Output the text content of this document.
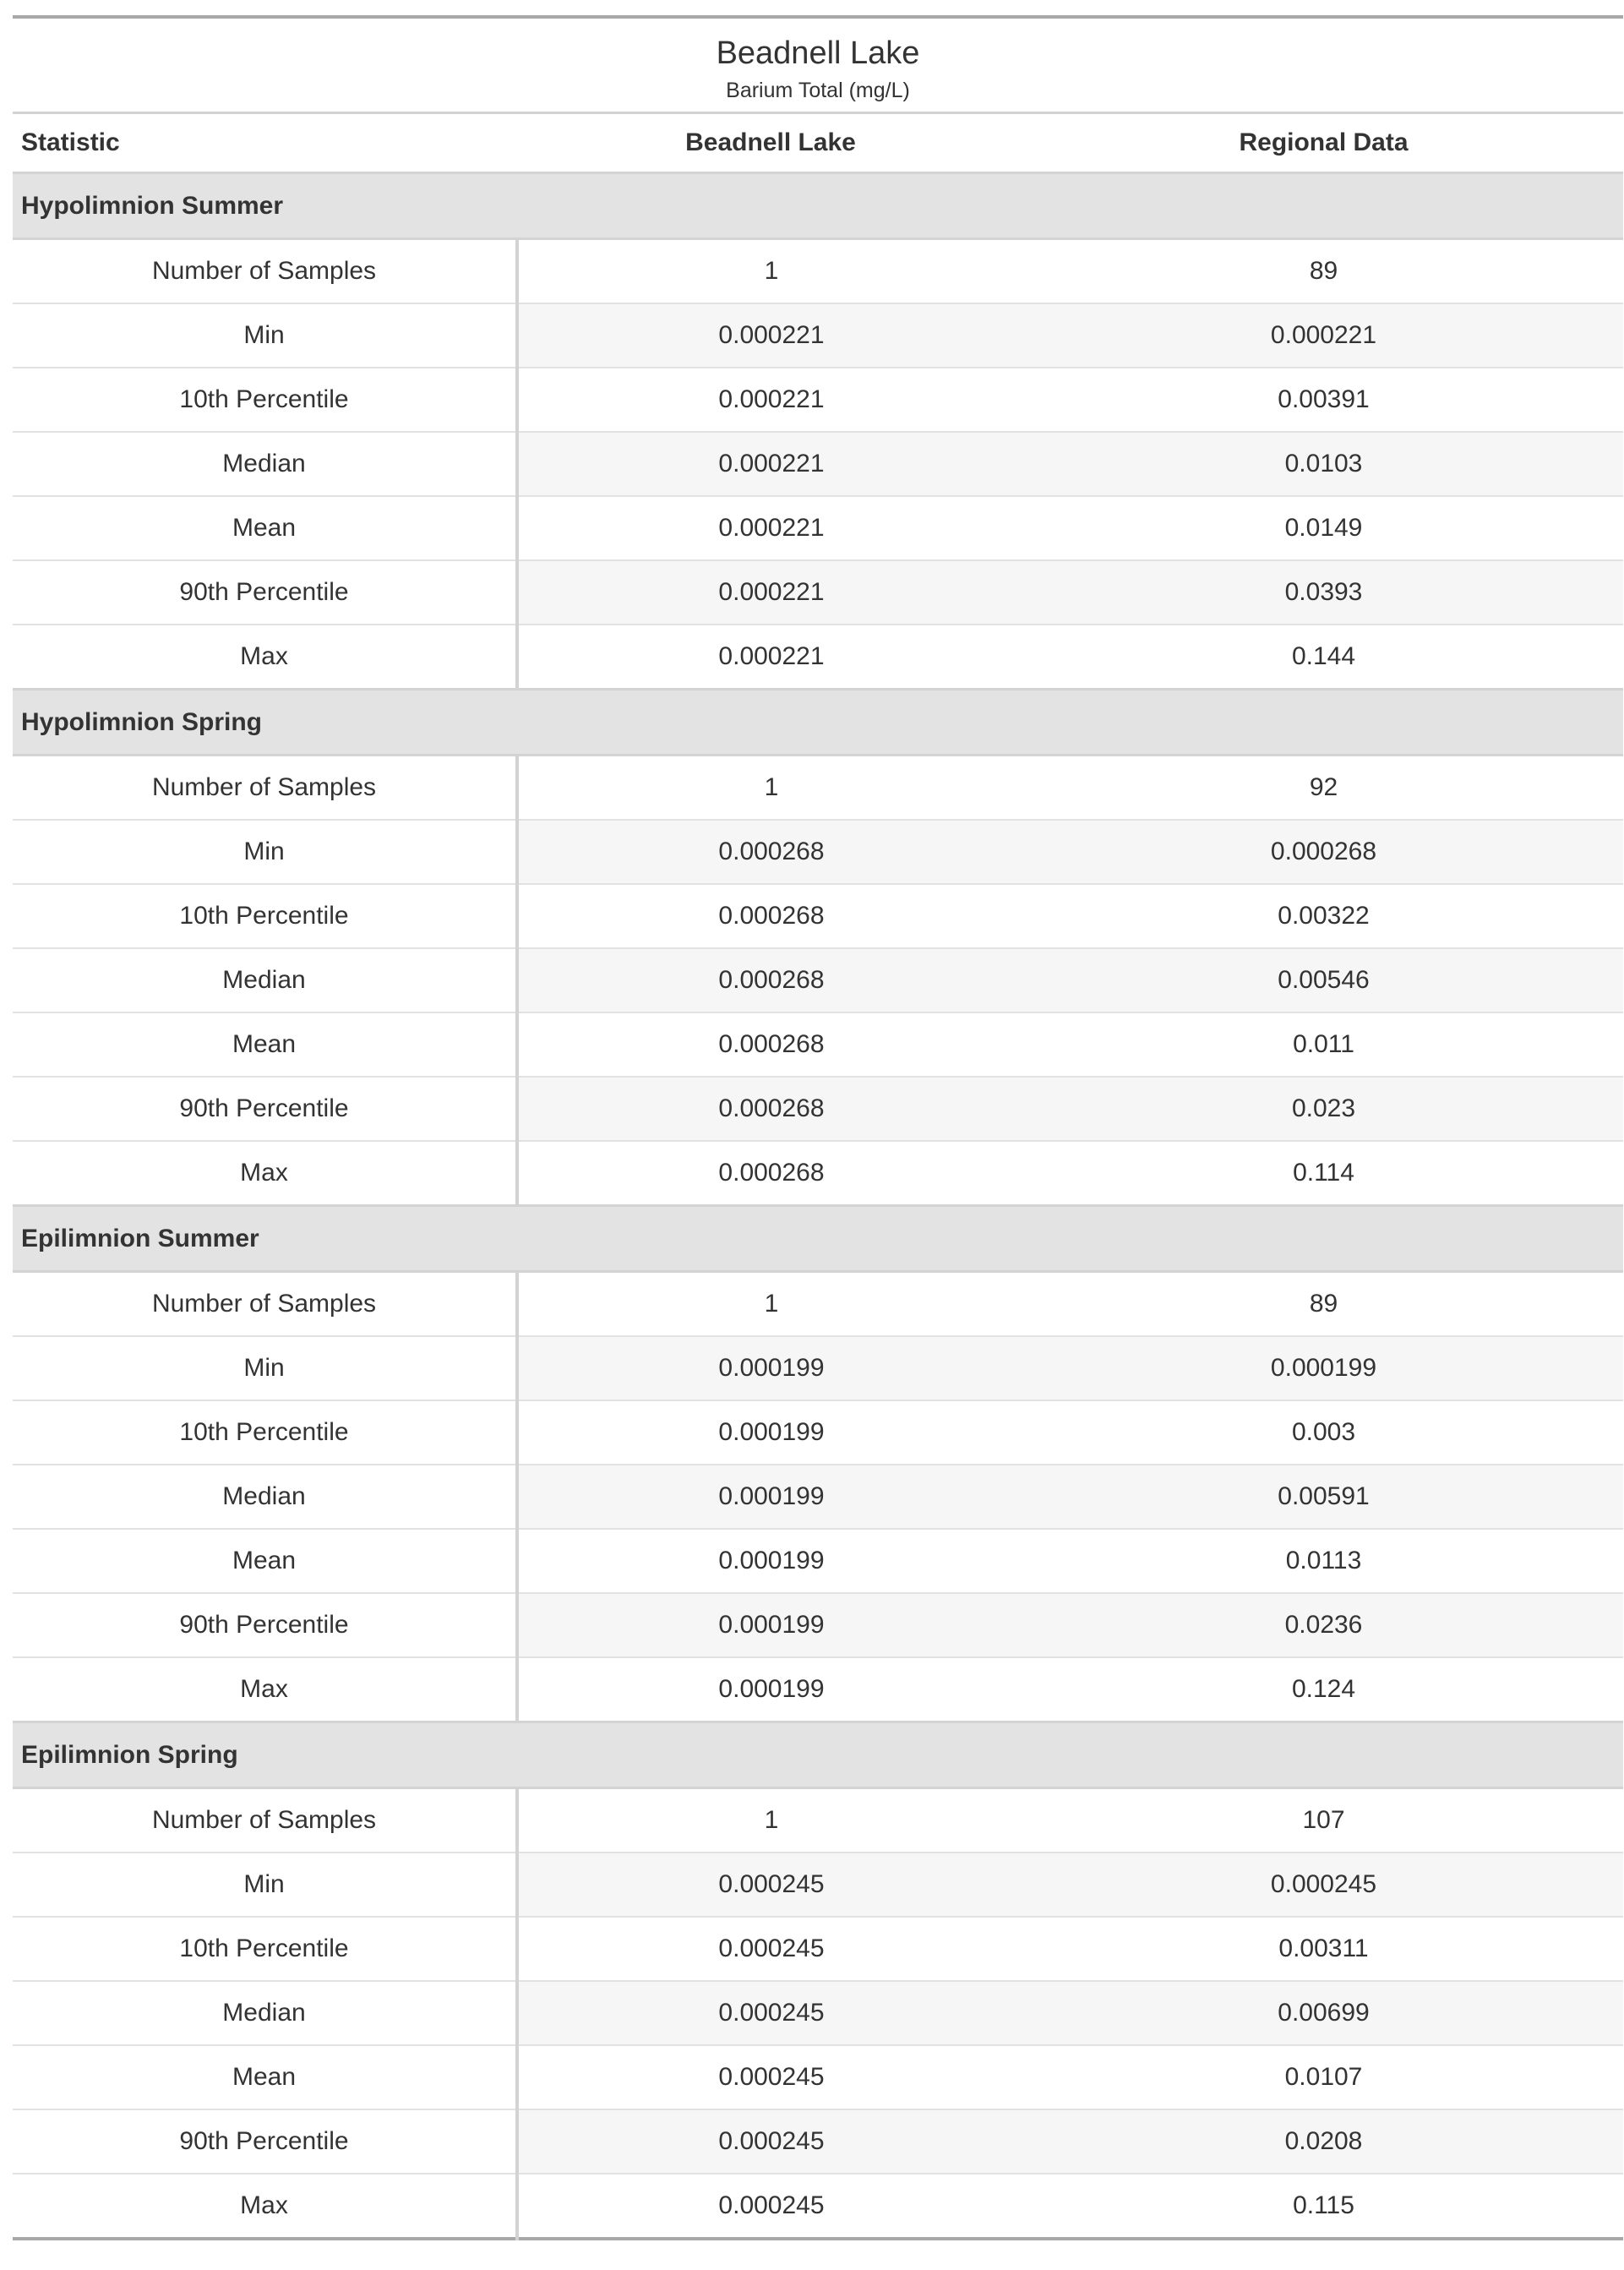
Beadnell Lake		
Barium Total (mg/L)		
Statistic	Beadnell Lake	Regional Data
Hypolimnion Summer		
Number of Samples	1	89
Min	0.000221	0.000221
10th Percentile	0.000221	0.00391
Median	0.000221	0.0103
Mean	0.000221	0.0149
90th Percentile	0.000221	0.0393
Max	0.000221	0.144
Hypolimnion Spring		
Number of Samples	1	92
Min	0.000268	0.000268
10th Percentile	0.000268	0.00322
Median	0.000268	0.00546
Mean	0.000268	0.011
90th Percentile	0.000268	0.023
Max	0.000268	0.114
Epilimnion Summer		
Number of Samples	1	89
Min	0.000199	0.000199
10th Percentile	0.000199	0.003
Median	0.000199	0.00591
Mean	0.000199	0.0113
90th Percentile	0.000199	0.0236
Max	0.000199	0.124
Epilimnion Spring		
Number of Samples	1	107
Min	0.000245	0.000245
10th Percentile	0.000245	0.00311
Median	0.000245	0.00699
Mean	0.000245	0.0107
90th Percentile	0.000245	0.0208
Max	0.000245	0.115
